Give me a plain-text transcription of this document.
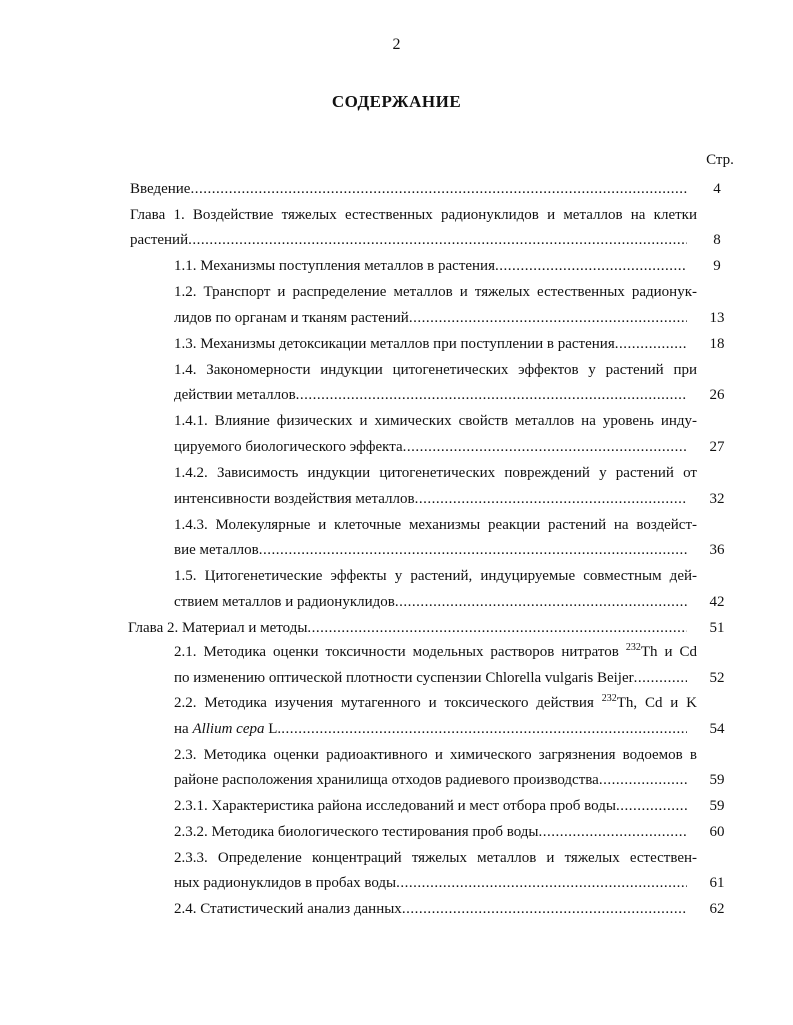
2
СОДЕРЖАНИЕ
Стр.
Введение .....	4
Глава 1. Воздействие тяжелых естественных радионуклидов и металлов на клетки
растений .....	8
1.1. Механизмы поступления металлов в растения .....	9
1.2. Транспорт и распределение металлов и тяжелых естественных радионук-
лидов по органам и тканям растений .....	13
1.3. Механизмы детоксикации металлов при поступлении в растения .....	18
1.4. Закономерности индукции цитогенетических эффектов у растений при
действии металлов .....	26
1.4.1. Влияние физических и химических свойств металлов на уровень инду-
цируемого биологического эффекта .....	27
1.4.2. Зависимость индукции цитогенетических повреждений у растений от
интенсивности воздействия металлов .....	32
1.4.3. Молекулярные и клеточные механизмы реакции растений на воздейст-
вие металлов .....	36
1.5. Цитогенетические эффекты у растений, индуцируемые совместным дей-
ствием металлов и радионуклидов .....	42
Глава 2. Материал и методы .....	51
2.1. Методика оценки токсичности модельных растворов нитратов $^{232}$Th и Cd
по изменению оптической плотности суспензии Chlorella vulgaris Beijer .....	52
2.2. Методика изучения мутагенного и токсического действия $^{232}$Th, Cd и K
на Allium cepa L. .....	54
2.3. Методика оценки радиоактивного и химического загрязнения водоемов в
районе расположения хранилища отходов радиевого производства .....	59
2.3.1. Характеристика района исследований и мест отбора проб воды .....	59
2.3.2. Методика биологического тестирования проб воды .....	60
2.3.3. Определение концентраций тяжелых металлов и тяжелых естествен-
ных радионуклидов в пробах воды .....	61
2.4. Статистический анализ данных .....	62
